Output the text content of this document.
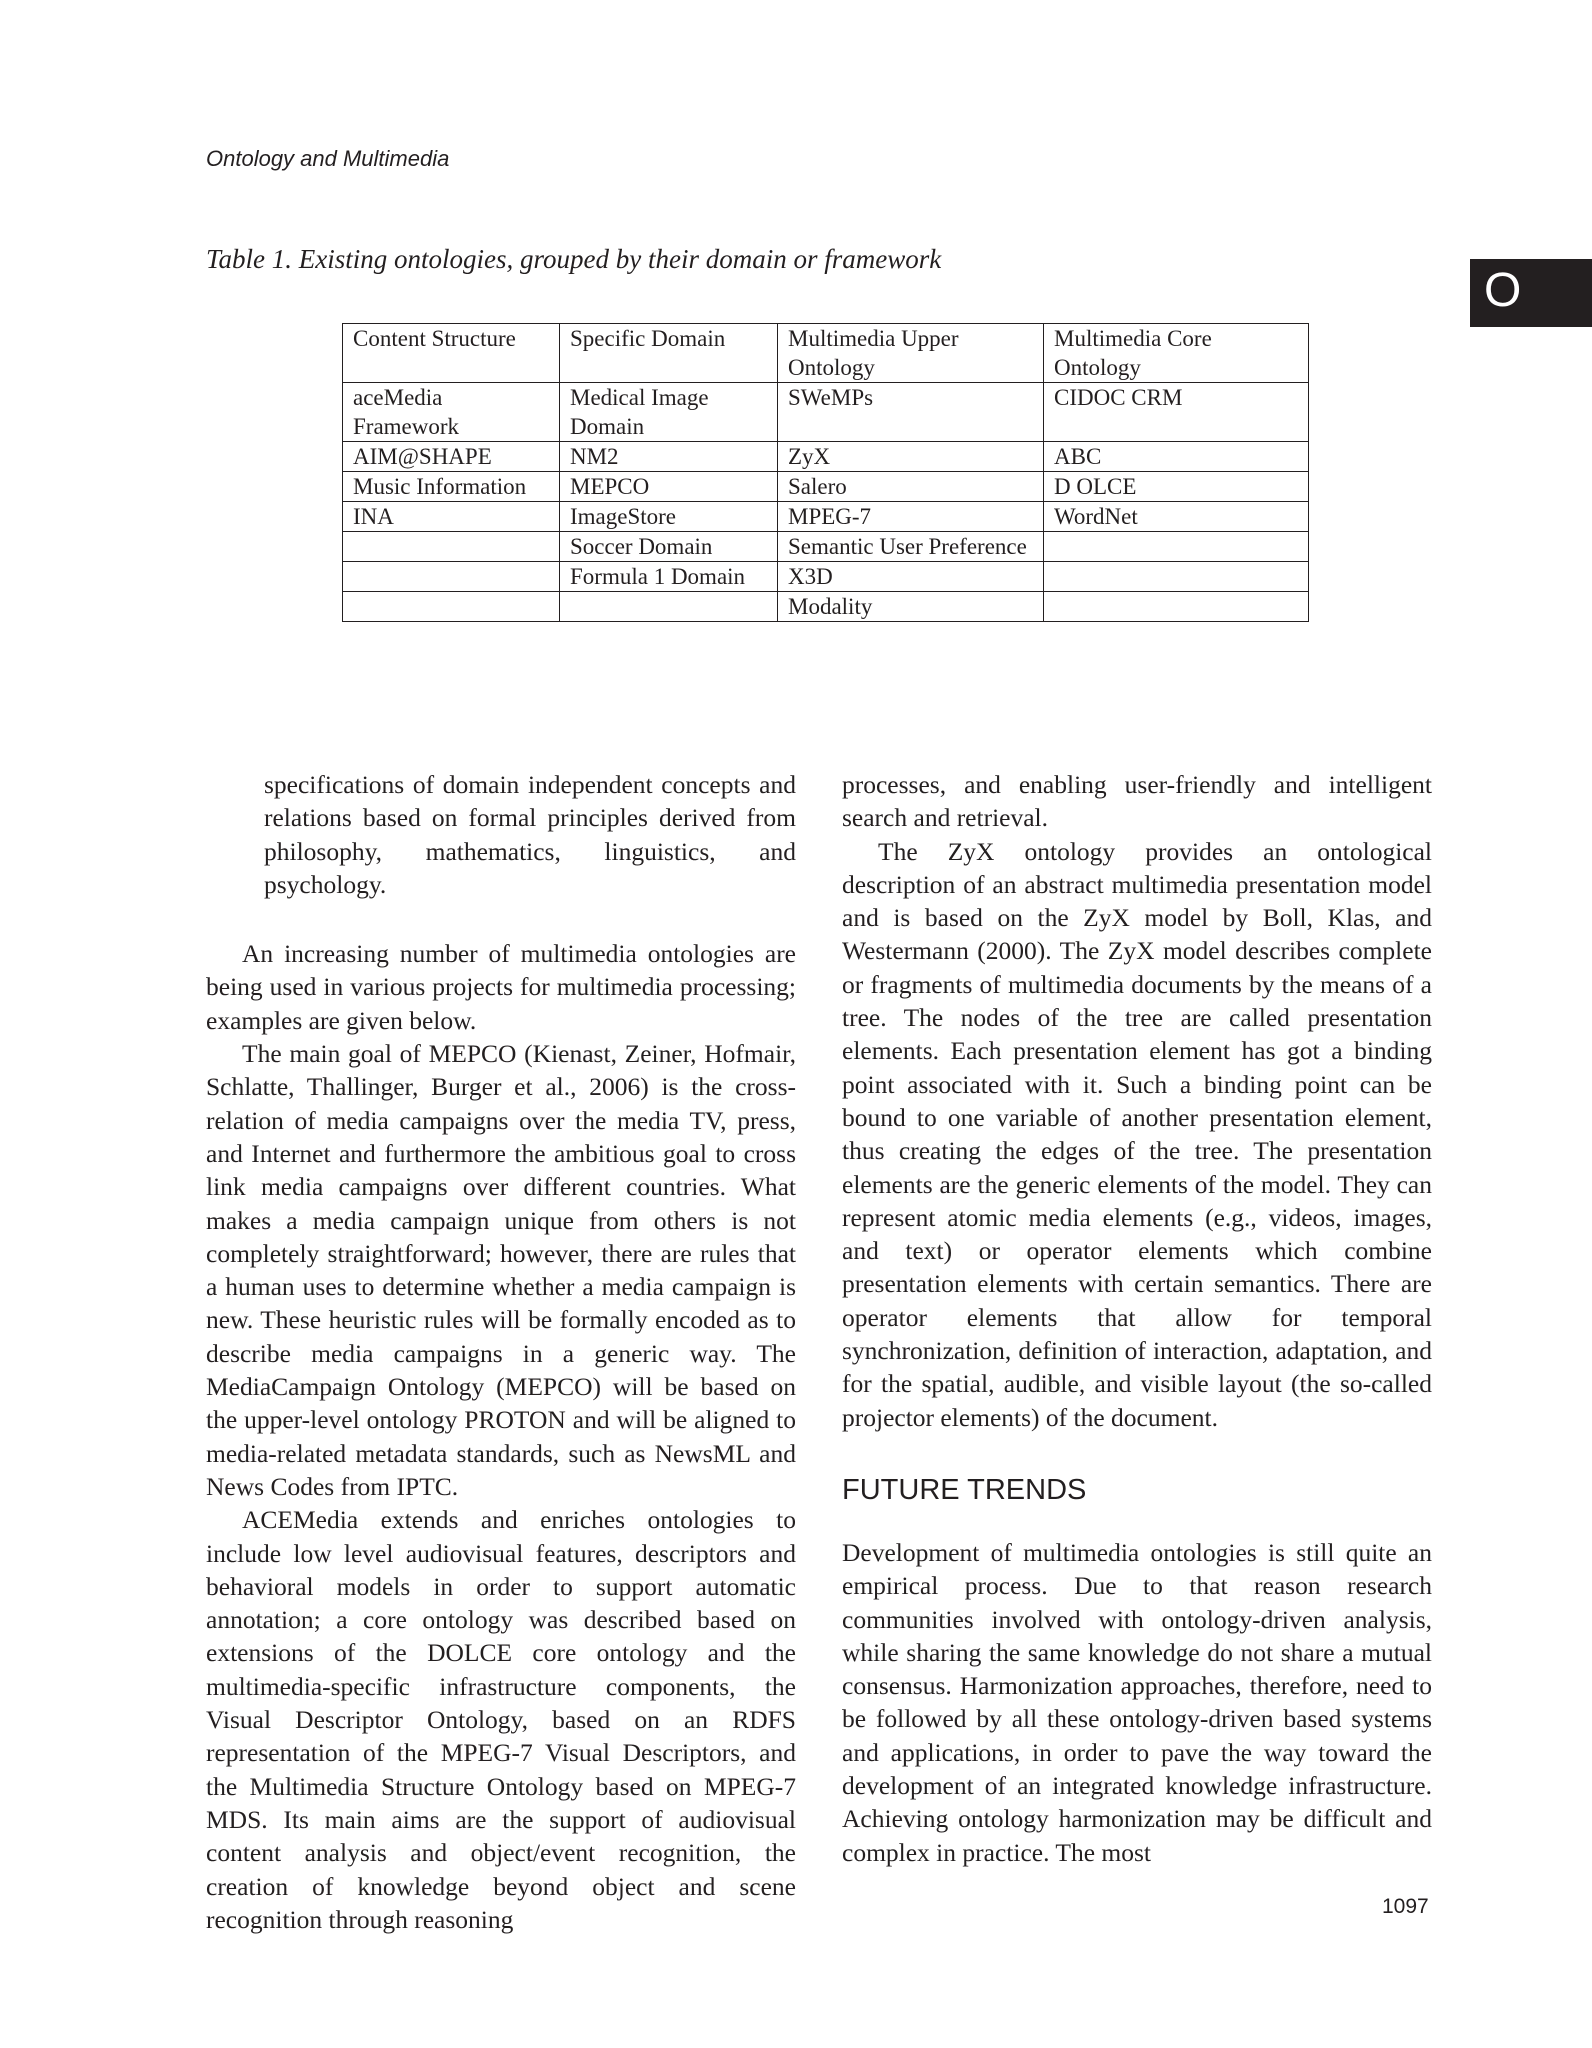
Ontology and Multimedia
O
Table 1. Existing ontologies, grouped by their domain or framework
Content Structure	Specific Domain	Multimedia Upper Ontology	Multimedia Core Ontology
aceMedia Framework	Medical Image Domain	SWeMPs	CIDOC CRM
AIM@SHAPE	NM2	ZyX	ABC
Music Information	MEPCO	Salero	D OLCE
INA	ImageStore	MPEG-7	WordNet
	Soccer Domain	Semantic User Preference	
	Formula 1 Domain	X3D	
		Modality	

specifications of domain independent concepts and relations based on formal principles derived from philosophy, mathematics, linguistics, and psychology.

An increasing number of multimedia ontologies are being used in various projects for multimedia processing; examples are given below.

The main goal of MEPCO (Kienast, Zeiner, Hofmair, Schlatte, Thallinger, Burger et al., 2006) is the cross-relation of media campaigns over the media TV, press, and Internet and furthermore the ambitious goal to cross link media campaigns over different countries. What makes a media campaign unique from others is not completely straightforward; however, there are rules that a human uses to determine whether a media campaign is new. These heuristic rules will be formally encoded as to describe media campaigns in a generic way. The MediaCampaign Ontology (MEPCO) will be based on the upper-level ontology PROTON and will be aligned to media-related metadata standards, such as NewsML and News Codes from IPTC.

ACEMedia extends and enriches ontologies to include low level audiovisual features, descriptors and behavioral models in order to support automatic annotation; a core ontology was described based on extensions of the DOLCE core ontology and the multimedia-specific infrastructure components, the Visual Descriptor Ontology, based on an RDFS representation of the MPEG-7 Visual Descriptors, and the Multimedia Structure Ontology based on MPEG-7 MDS. Its main aims are the support of audiovisual content analysis and object/event recognition, the creation of knowledge beyond object and scene recognition through reasoning

processes, and enabling user-friendly and intelligent search and retrieval.

The ZyX ontology provides an ontological description of an abstract multimedia presentation model and is based on the ZyX model by Boll, Klas, and Westermann (2000). The ZyX model describes complete or fragments of multimedia documents by the means of a tree. The nodes of the tree are called presentation elements. Each presentation element has got a binding point associated with it. Such a binding point can be bound to one variable of another presentation element, thus creating the edges of the tree. The presentation elements are the generic elements of the model. They can represent atomic media elements (e.g., videos, images, and text) or operator elements which combine presentation elements with certain semantics. There are operator elements that allow for temporal synchronization, definition of interaction, adaptation, and for the spatial, audible, and visible layout (the so-called projector elements) of the document.

FUTURE TRENDS

Development of multimedia ontologies is still quite an empirical process. Due to that reason research communities involved with ontology-driven analysis, while sharing the same knowledge do not share a mutual consensus. Harmonization approaches, therefore, need to be followed by all these ontology-driven based systems and applications, in order to pave the way toward the development of an integrated knowledge infrastructure. Achieving ontology harmonization may be difficult and complex in practice. The most

1097
